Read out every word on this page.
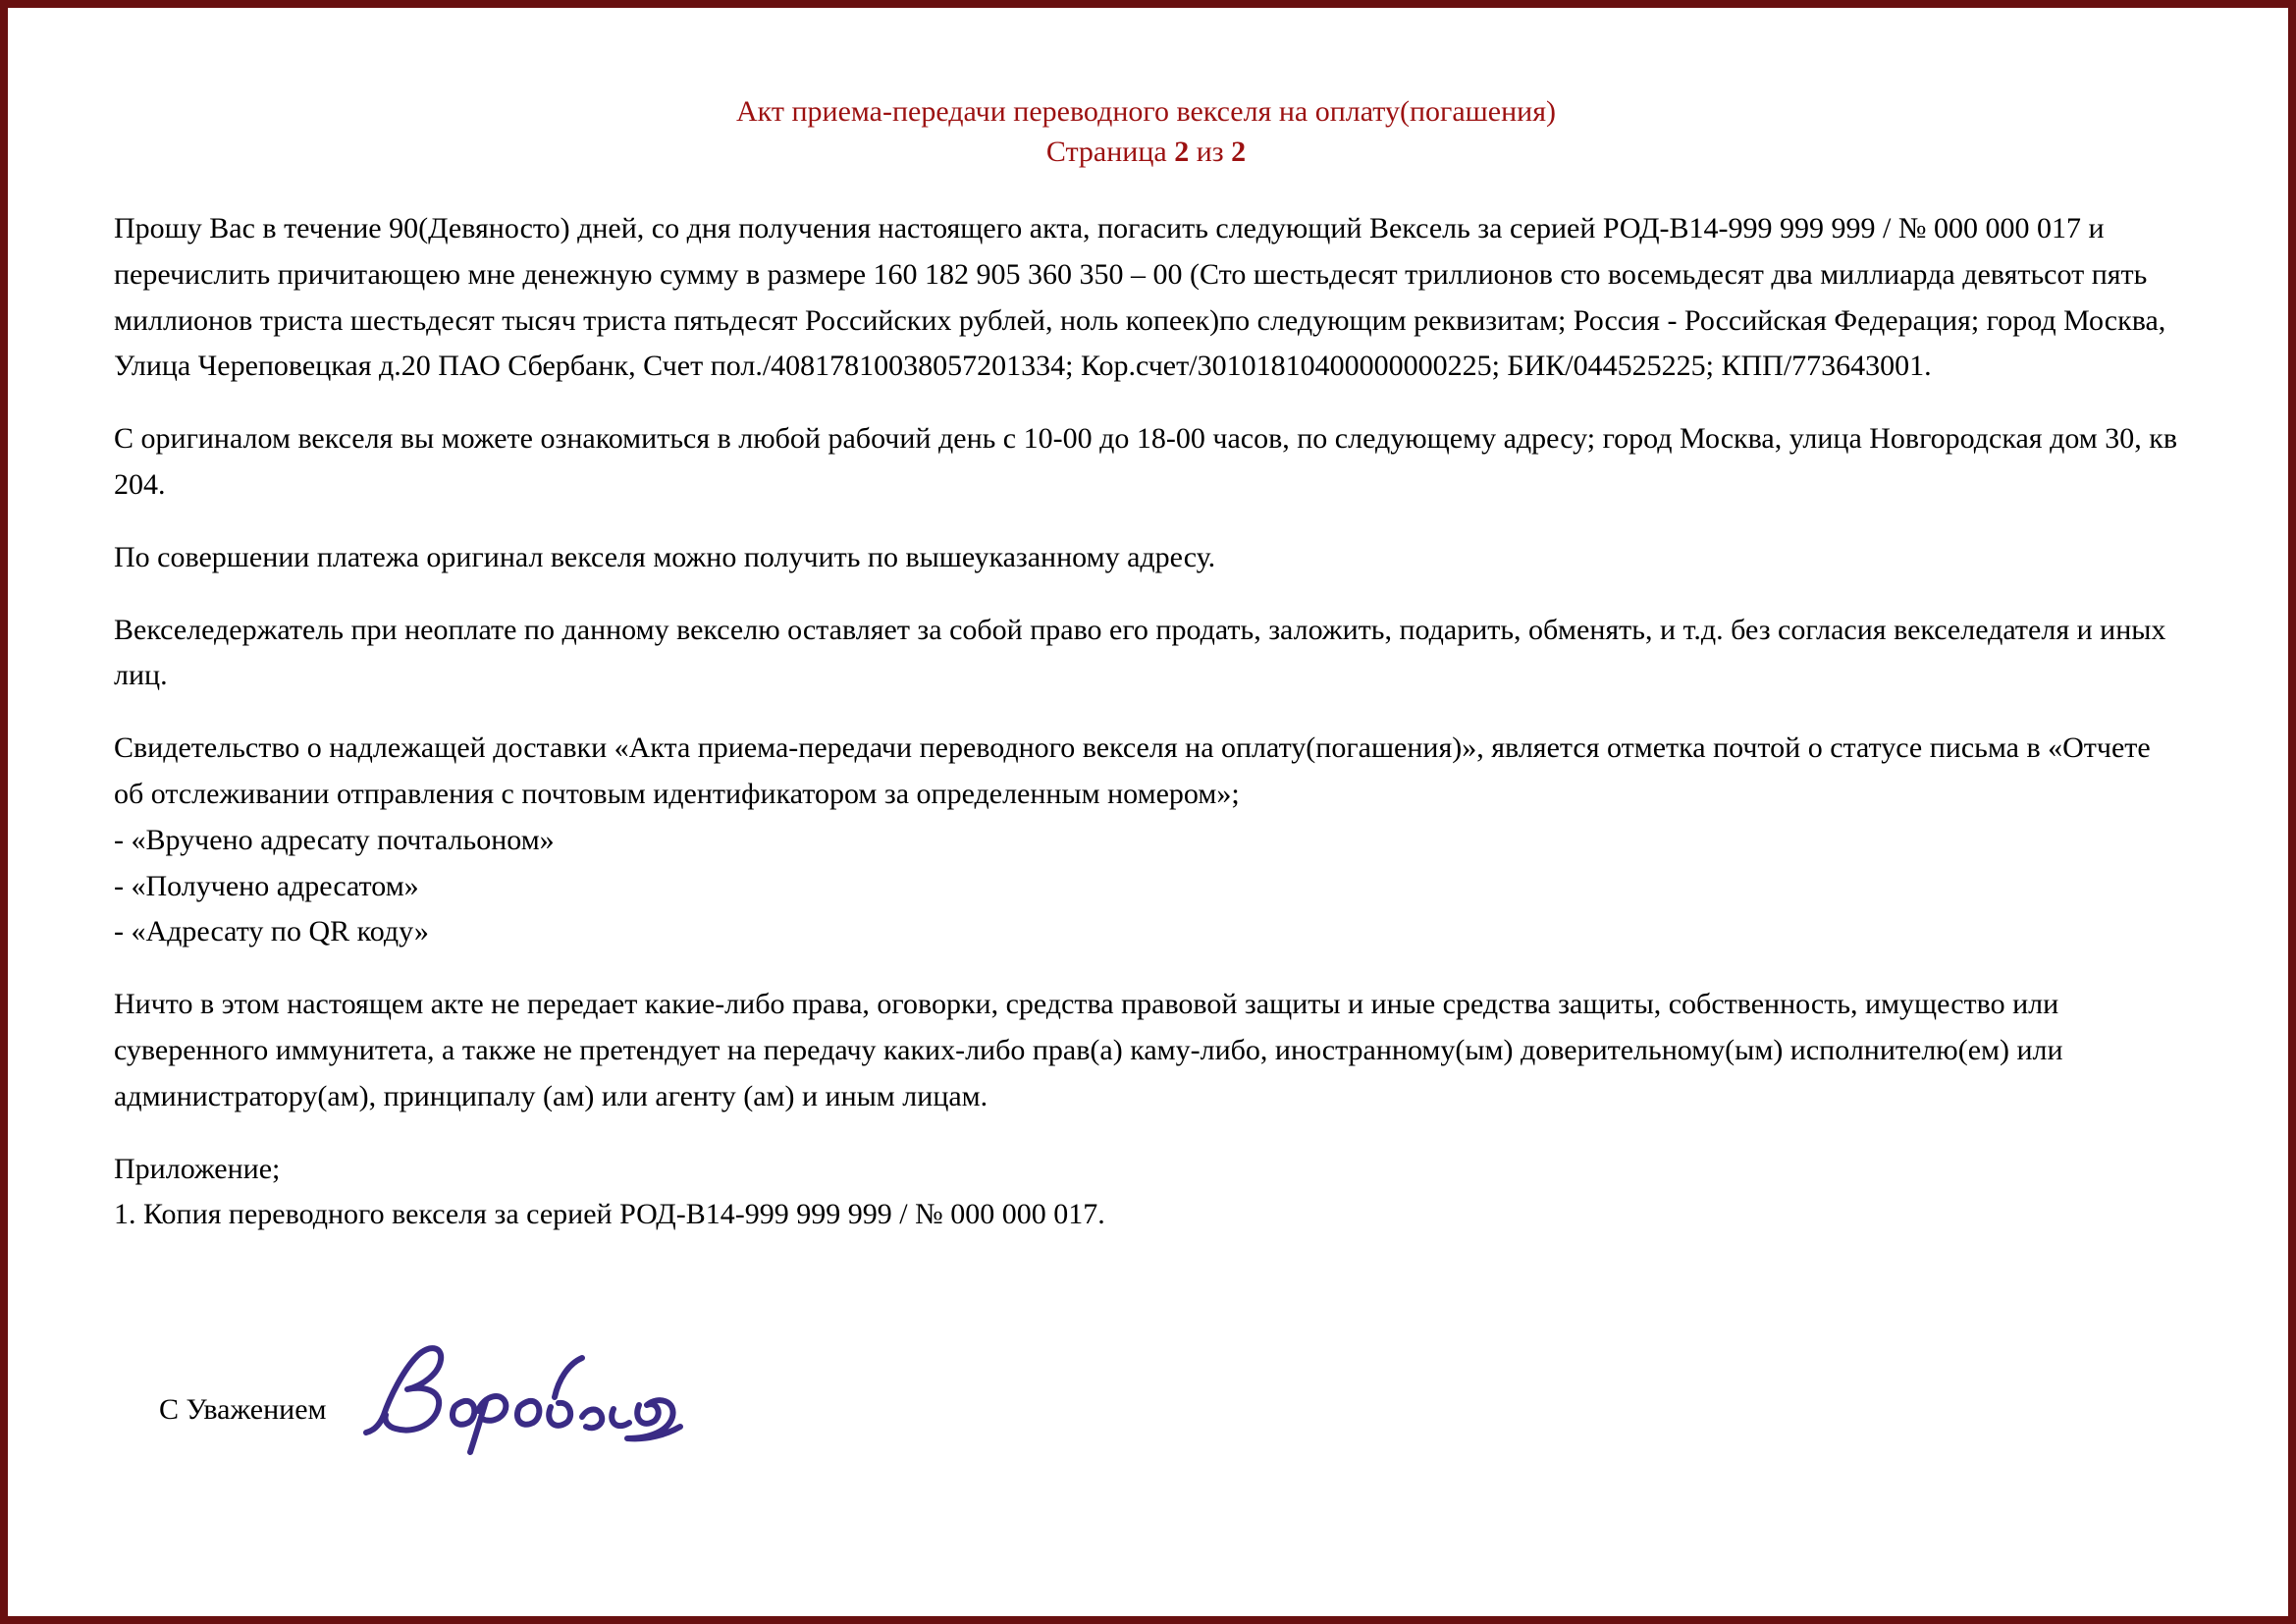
Акт приема-передачи переводного векселя на оплату(погашения)
Страница 2 из 2

Прошу Вас в течение 90(Девяносто) дней, со дня получения настоящего акта, погасить следующий Вексель за серией РОД-В14-999 999 999 / № 000 000 017 и перечислить причитающею мне денежную сумму в размере 160 182 905 360 350 – 00 (Сто шестьдесят триллионов сто восемьдесят два миллиарда девятьсот пять миллионов триста шестьдесят тысяч триста пятьдесят Российских рублей, ноль копеек)по следующим реквизитам; Россия - Российская Федерация; город Москва, Улица Череповецкая д.20 ПАО Сбербанк, Счет пол./40817810038057201334; Кор.счет/30101810400000000225; БИК/044525225; КПП/773643001.

С оригиналом векселя вы можете ознакомиться в любой рабочий день с 10-00 до 18-00 часов, по следующему адресу; город Москва, улица Новгородская дом 30, кв 204.

По совершении платежа оригинал векселя можно получить по вышеуказанному адресу.

Векселедержатель при неоплате по данному векселю оставляет за собой право его продать, заложить, подарить, обменять, и т.д. без согласия векселедателя и иных лиц.

Свидетельство о надлежащей доставки «Акта приема-передачи переводного векселя на оплату(погашения)», является отметка почтой о статусе письма в «Отчете об отслеживании отправления с почтовым идентификатором за определенным номером»;
- «Вручено адресату почтальоном»
- «Получено адресатом»
- «Адресату по QR коду»

Ничто в этом настоящем акте не передает какие-либо права, оговорки, средства правовой защиты и иные средства защиты, собственность, имущество или суверенного иммунитета, а также не претендует на передачу каких-либо прав(а) каму-либо, иностранному(ым) доверительному(ым) исполнителю(ем) или администратору(ам), принципалу (ам) или агенту (ам) и иным лицам.

Приложение;
1. Копия переводного векселя за серией РОД-В14-999 999 999 / № 000 000 017.
С Уважением
